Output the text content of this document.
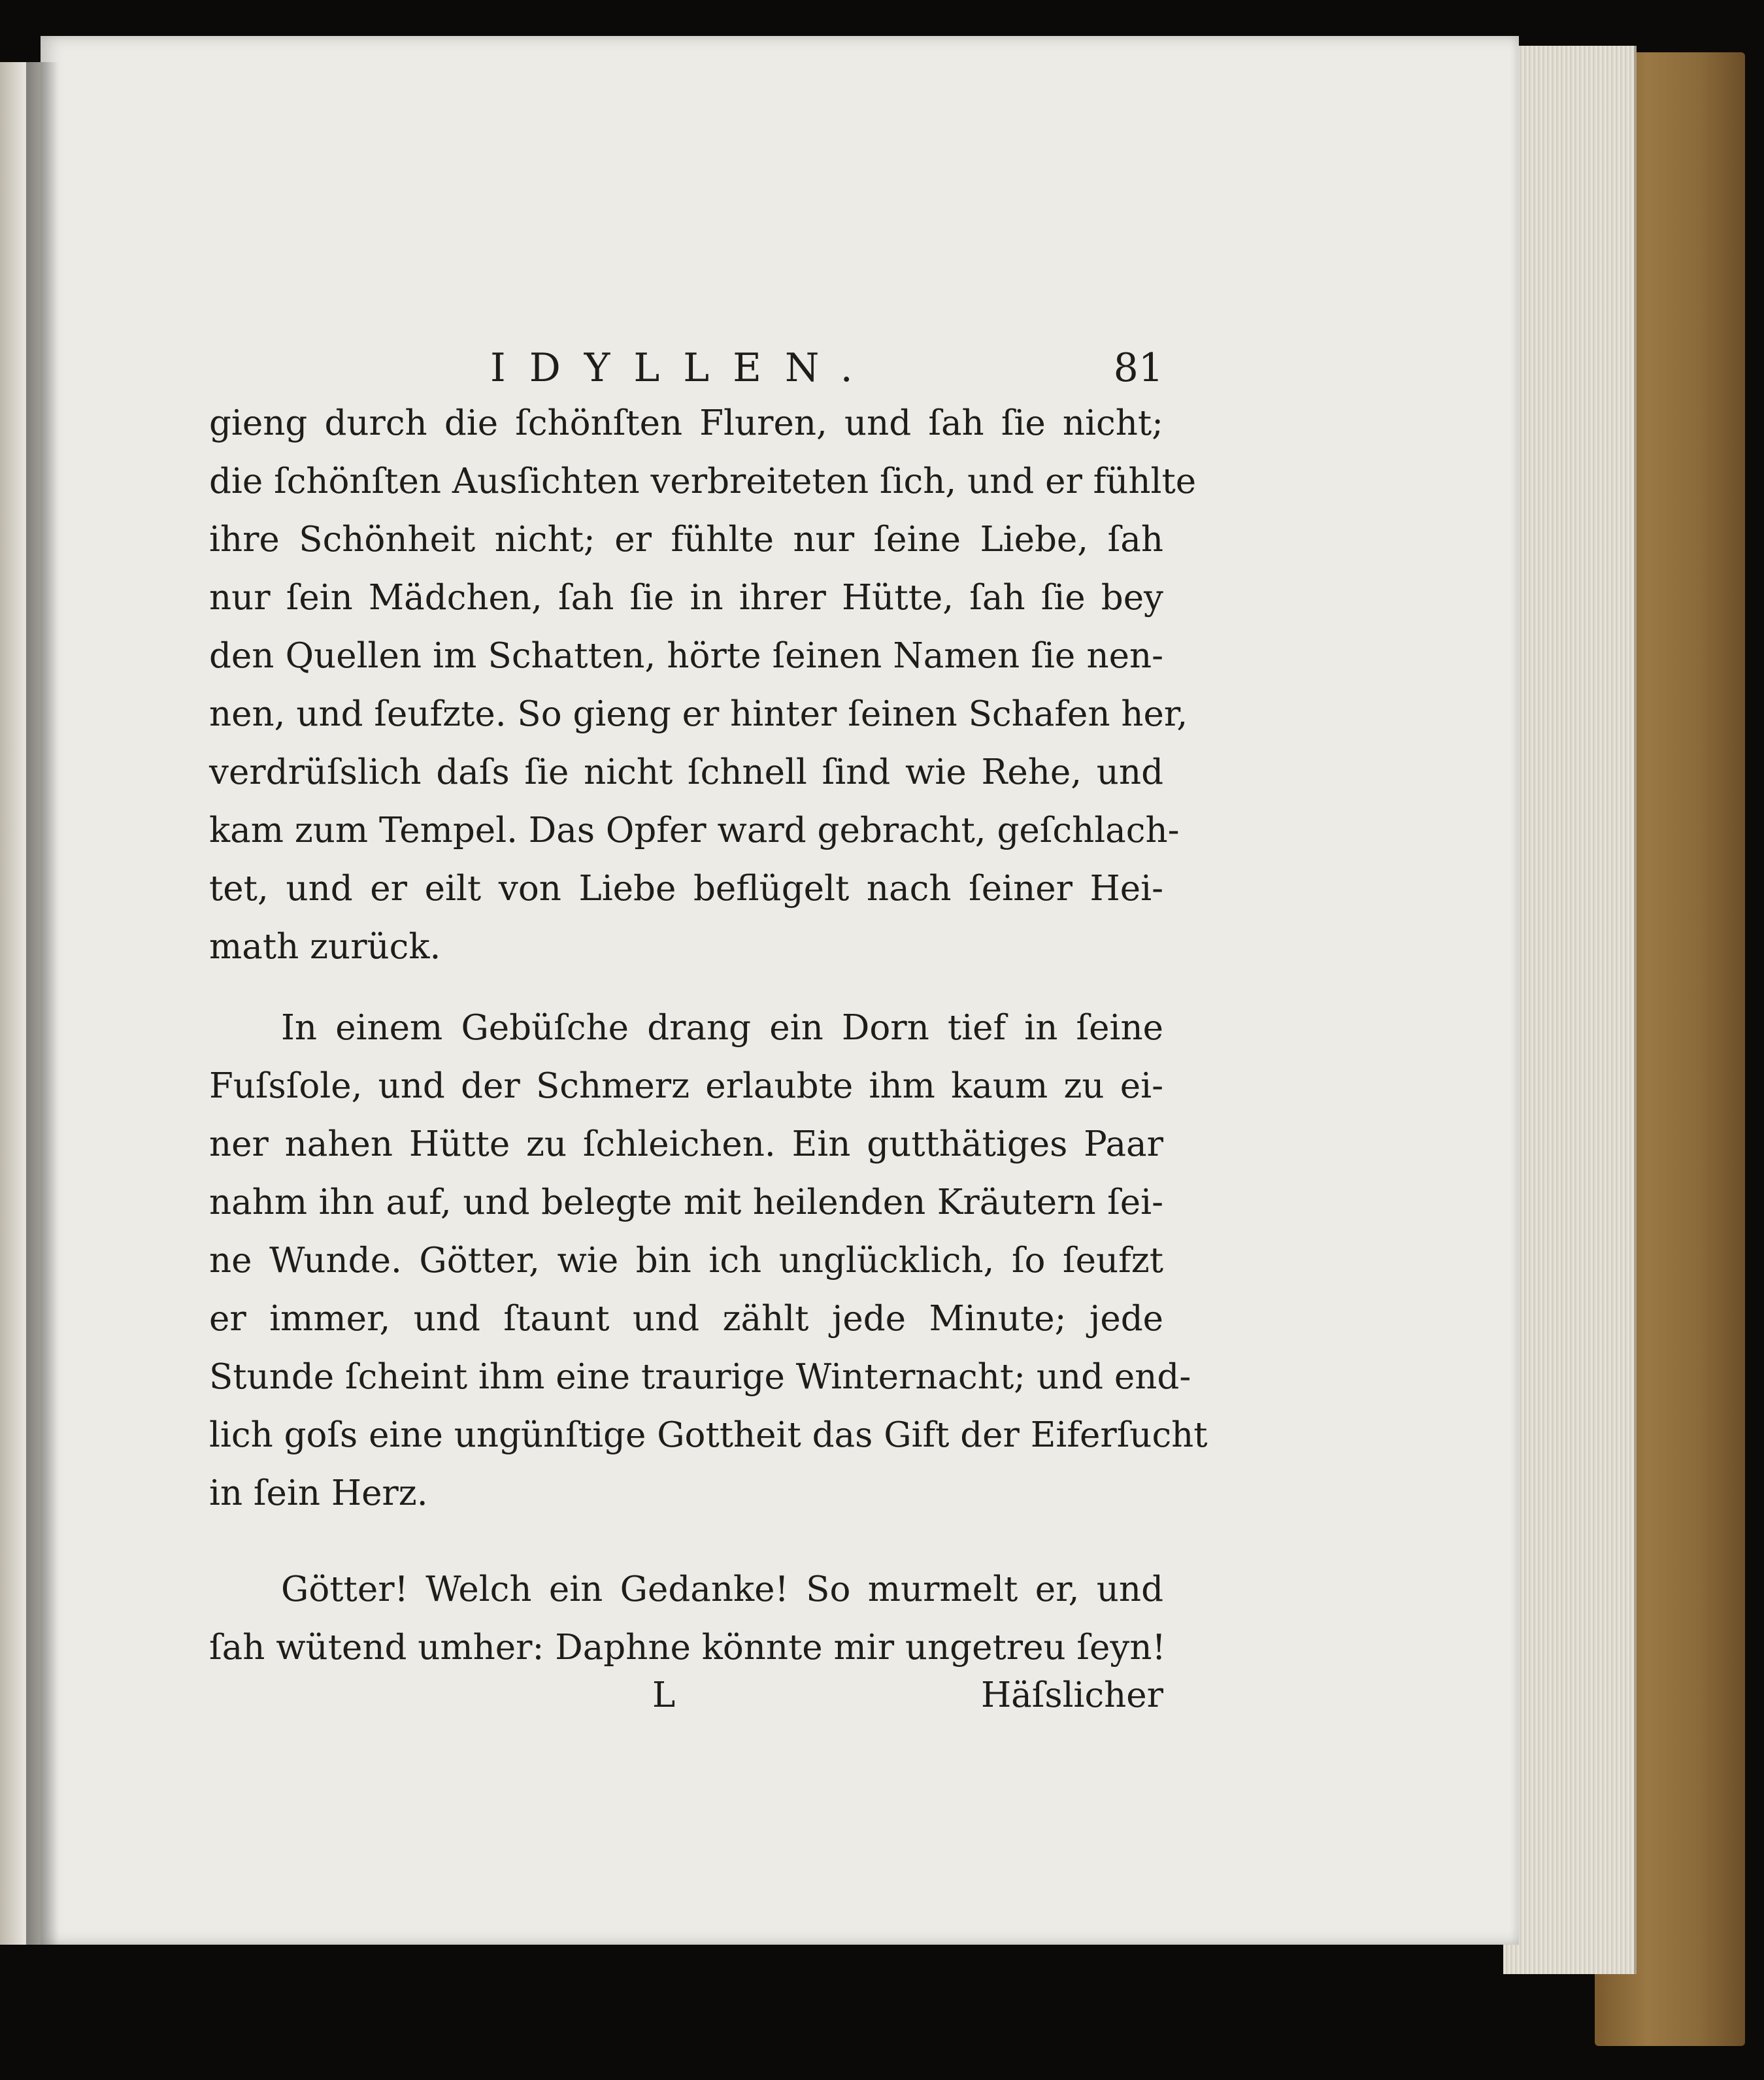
IDYLLEN.	81
gieng durch die ſchönſten Fluren, und ſah ſie nicht;
die ſchönſten Ausſichten verbreiteten ſich, und er fühlte
ihre Schönheit nicht; er fühlte nur ſeine Liebe, ſah
nur ſein Mädchen, ſah ſie in ihrer Hütte, ſah ſie bey
den Quellen im Schatten, hörte ſeinen Namen ſie nen-
nen, und ſeufzte. So gieng er hinter ſeinen Schafen her,
verdrüſslich daſs ſie nicht ſchnell ſind wie Rehe, und
kam zum Tempel. Das Opfer ward gebracht, geſchlach-
tet, und er eilt von Liebe beflügelt nach ſeiner Hei-
math zurück.
In einem Gebüſche drang ein Dorn tief in ſeine
Fuſsſole, und der Schmerz erlaubte ihm kaum zu ei-
ner nahen Hütte zu ſchleichen. Ein gutthätiges Paar
nahm ihn auf, und belegte mit heilenden Kräutern ſei-
ne Wunde. Götter, wie bin ich unglücklich, ſo ſeufzt
er immer, und ſtaunt und zählt jede Minute; jede
Stunde ſcheint ihm eine traurige Winternacht; und end-
lich goſs eine ungünſtige Gottheit das Gift der Eiferſucht
in ſein Herz.
Götter! Welch ein Gedanke! So murmelt er, und
ſah wütend umher: Daphne könnte mir ungetreu ſeyn!
L	Häſslicher
